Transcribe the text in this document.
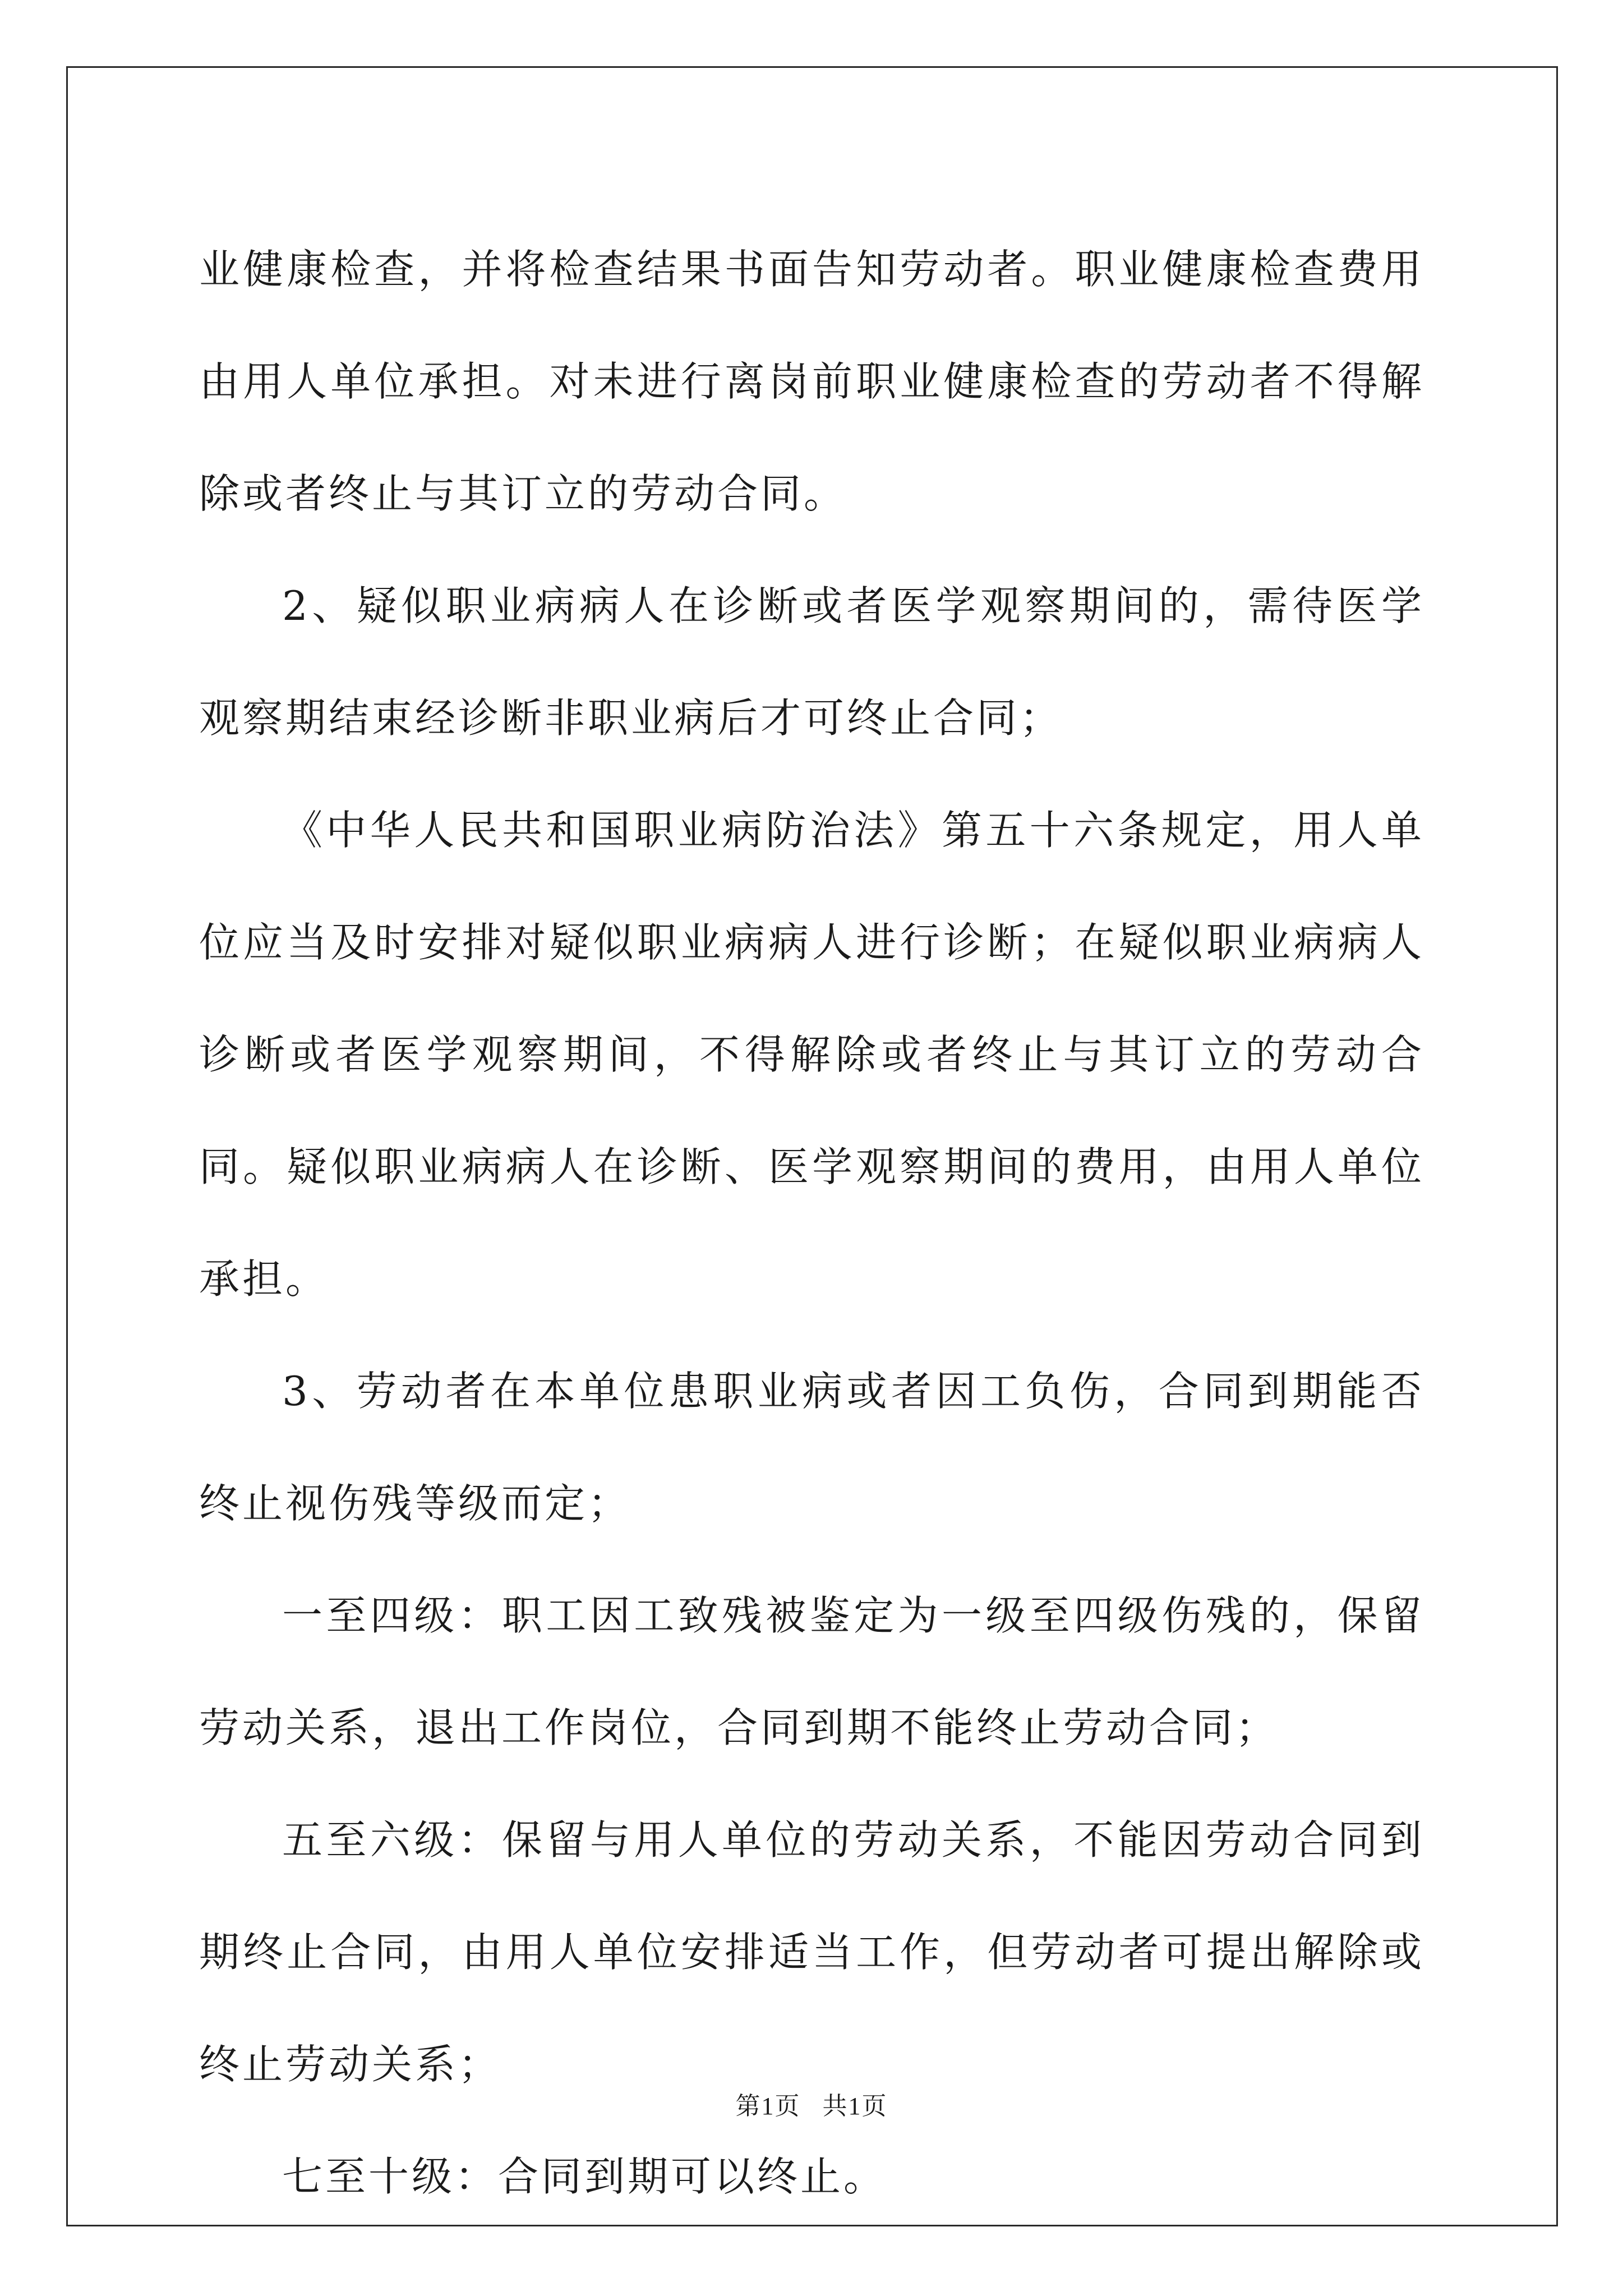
业健康检查，并将检查结果书面告知劳动者。职业健康检查费用由用人单位承担。对未进行离岗前职业健康检查的劳动者不得解除或者终止与其订立的劳动合同。

2、疑似职业病病人在诊断或者医学观察期间的，需待医学观察期结束经诊断非职业病后才可终止合同；

《中华人民共和国职业病防治法》第五十六条规定，用人单位应当及时安排对疑似职业病病人进行诊断；在疑似职业病病人诊断或者医学观察期间，不得解除或者终止与其订立的劳动合同。疑似职业病病人在诊断、医学观察期间的费用，由用人单位承担。

3、劳动者在本单位患职业病或者因工负伤，合同到期能否终止视伤残等级而定；

一至四级：职工因工致残被鉴定为一级至四级伤残的，保留劳动关系，退出工作岗位，合同到期不能终止劳动合同；

五至六级：保留与用人单位的劳动关系，不能因劳动合同到期终止合同，由用人单位安排适当工作，但劳动者可提出解除或终止劳动关系；

七至十级：合同到期可以终止。

第1页   共1页
